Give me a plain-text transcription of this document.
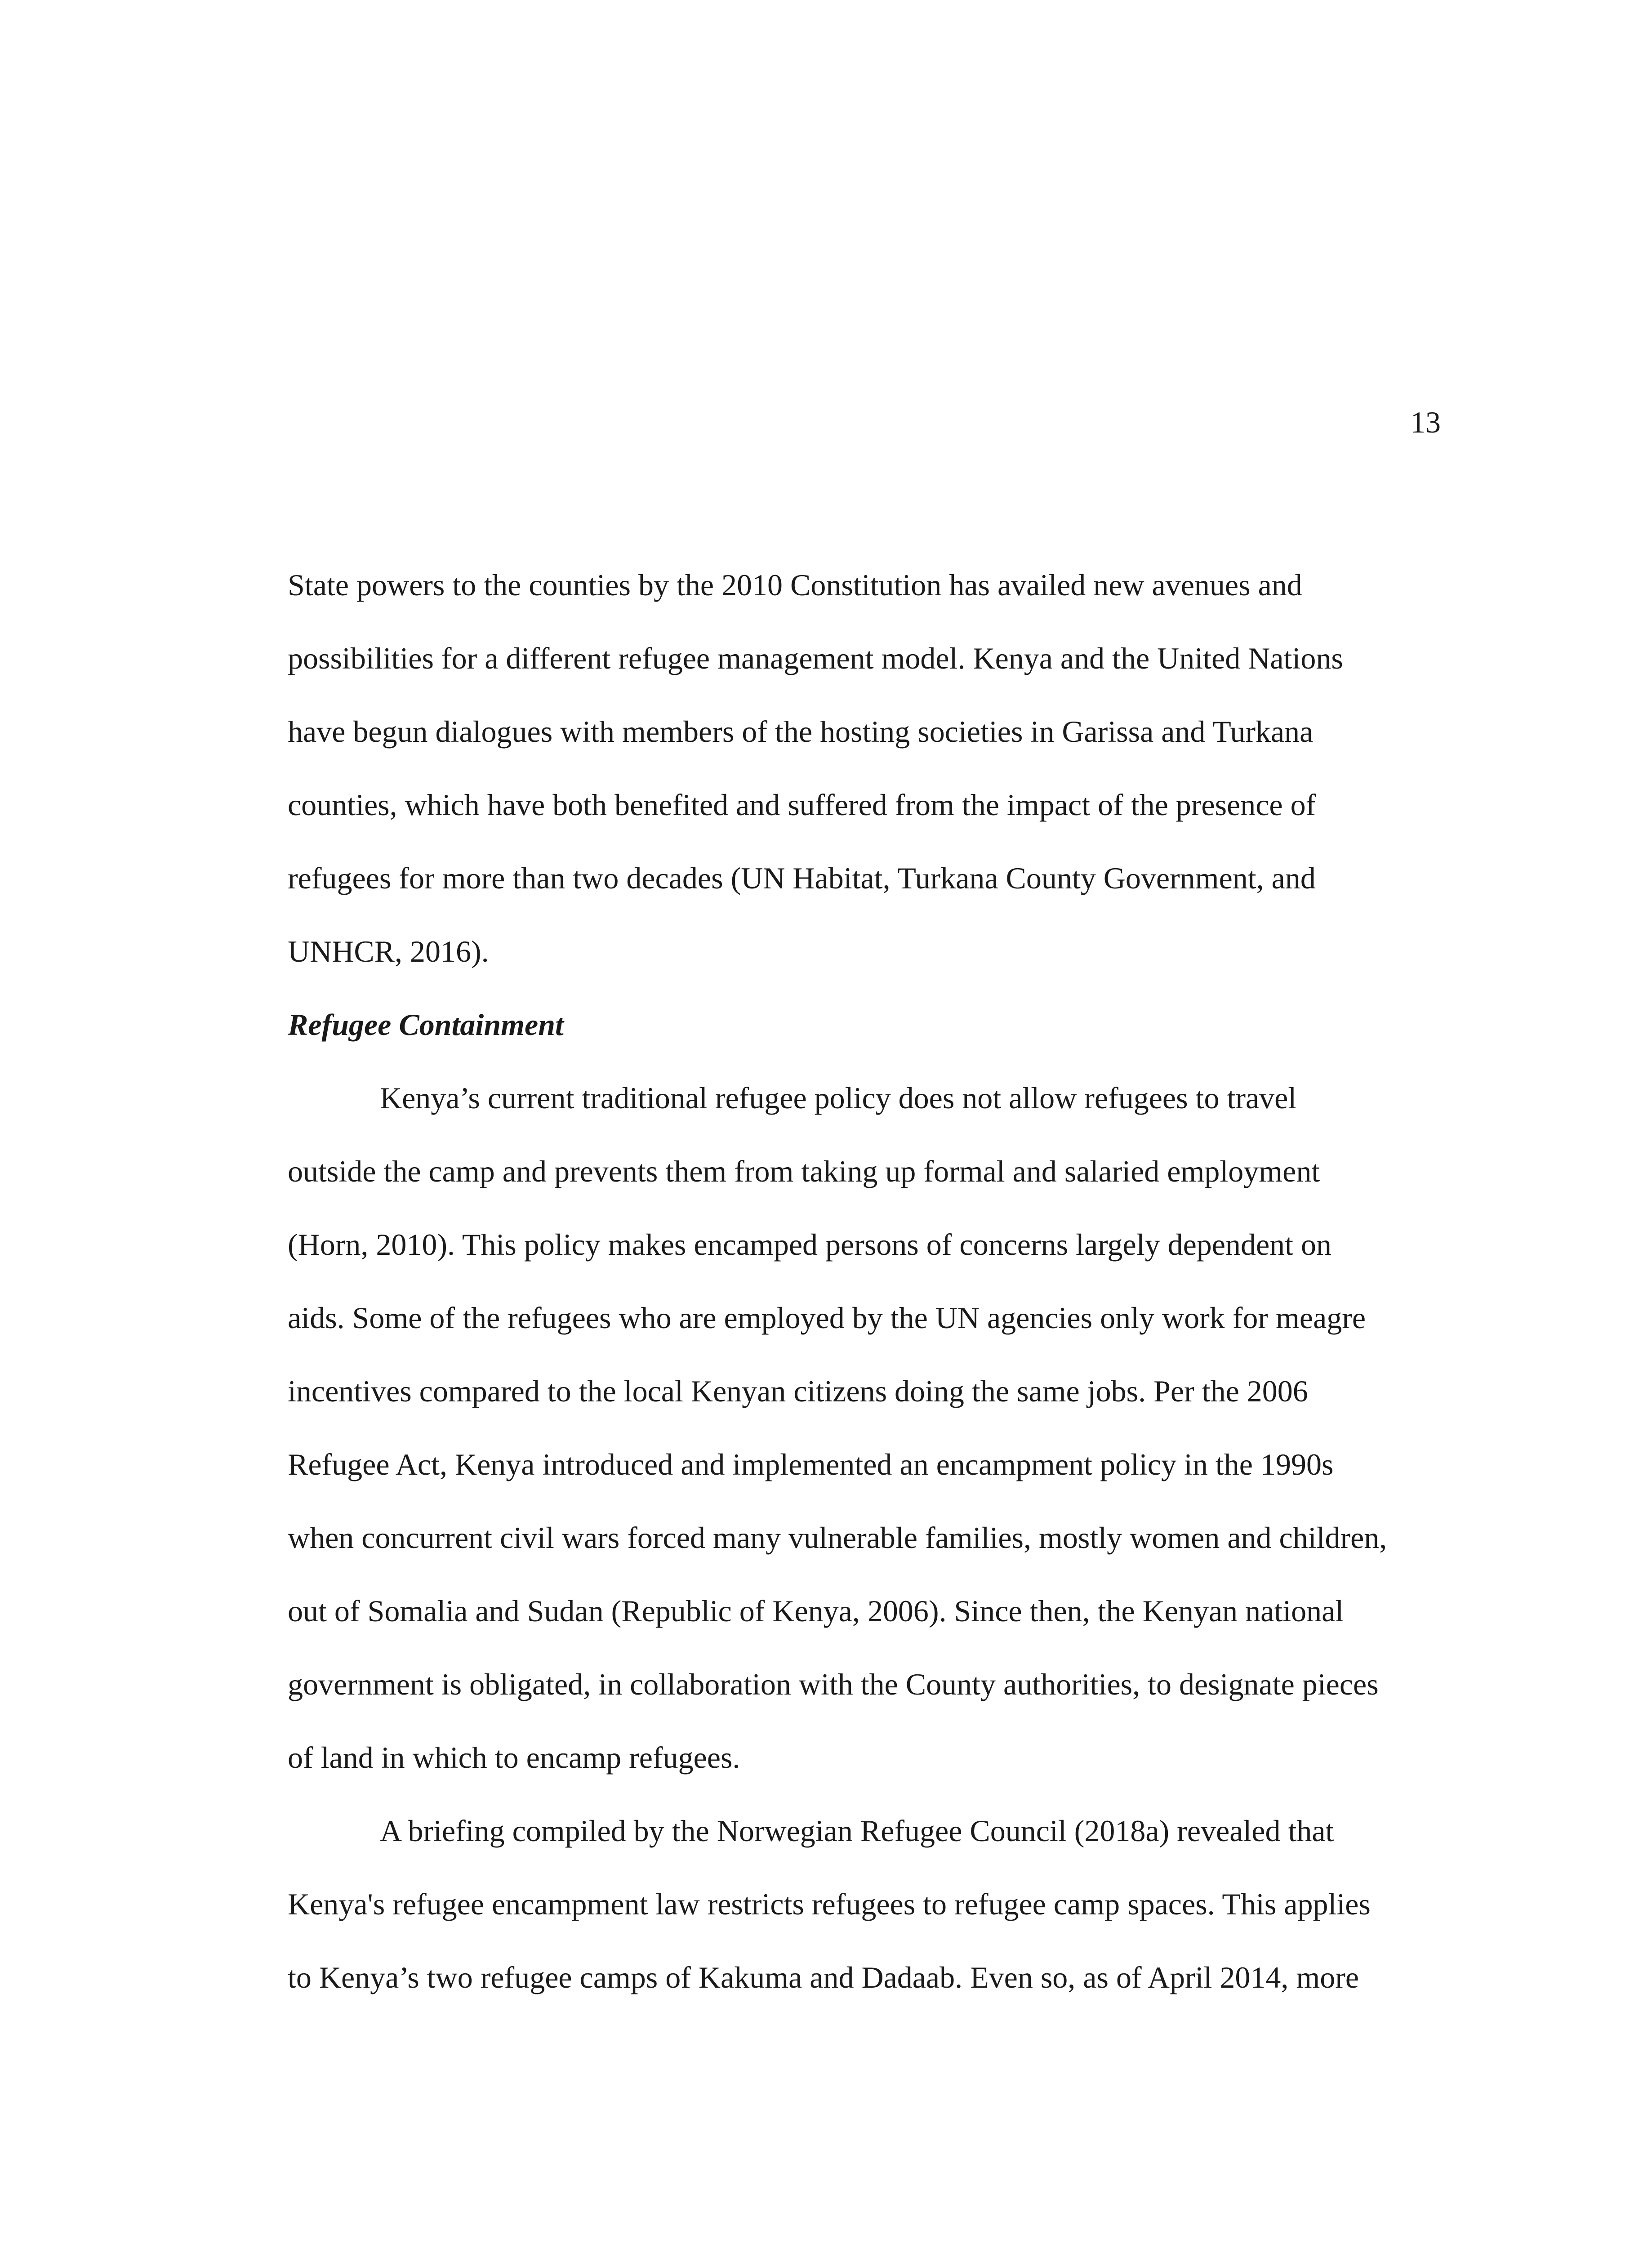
13

State powers to the counties by the 2010 Constitution has availed new avenues and
possibilities for a different refugee management model. Kenya and the United Nations
have begun dialogues with members of the hosting societies in Garissa and Turkana
counties, which have both benefited and suffered from the impact of the presence of
refugees for more than two decades (UN Habitat, Turkana County Government, and
UNHCR, 2016).

Refugee Containment

Kenya’s current traditional refugee policy does not allow refugees to travel
outside the camp and prevents them from taking up formal and salaried employment
(Horn, 2010). This policy makes encamped persons of concerns largely dependent on
aids. Some of the refugees who are employed by the UN agencies only work for meagre
incentives compared to the local Kenyan citizens doing the same jobs. Per the 2006
Refugee Act, Kenya introduced and implemented an encampment policy in the 1990s
when concurrent civil wars forced many vulnerable families, mostly women and children,
out of Somalia and Sudan (Republic of Kenya, 2006). Since then, the Kenyan national
government is obligated, in collaboration with the County authorities, to designate pieces
of land in which to encamp refugees.

A briefing compiled by the Norwegian Refugee Council (2018a) revealed that
Kenya's refugee encampment law restricts refugees to refugee camp spaces. This applies
to Kenya’s two refugee camps of Kakuma and Dadaab. Even so, as of April 2014, more
